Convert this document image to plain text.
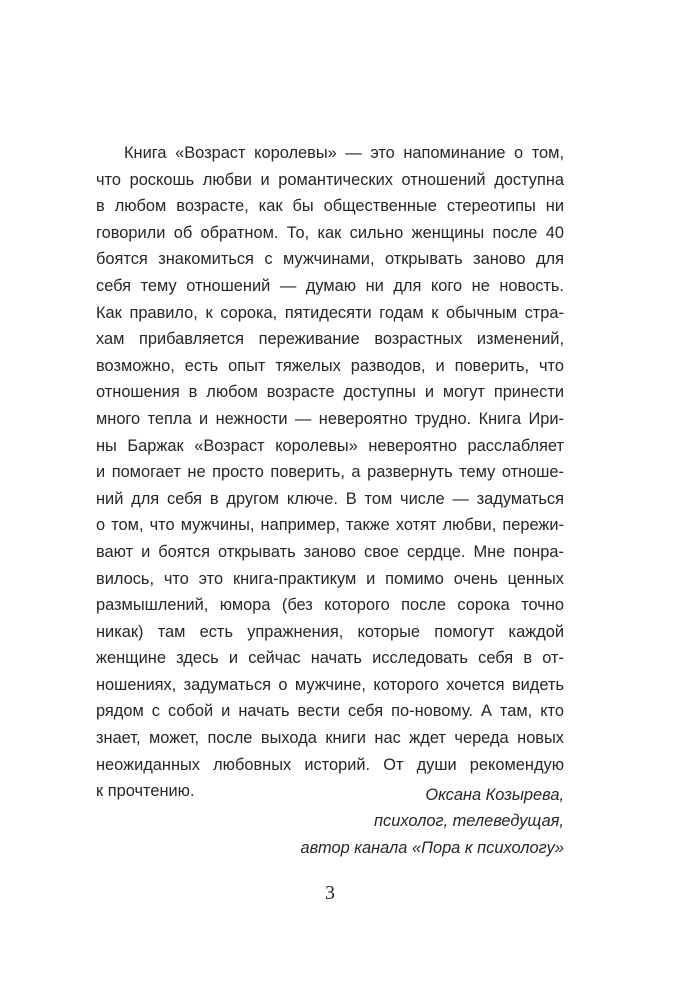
Книга «Возраст королевы» — это напоминание о том,
что роскошь любви и романтических отношений доступна
в любом возрасте, как бы общественные стереотипы ни
говорили об обратном. То, как сильно женщины после 40
боятся знакомиться с мужчинами, открывать заново для
себя тему отношений — думаю ни для кого не новость.
Как правило, к сорока, пятидесяти годам к обычным стра-
хам прибавляется переживание возрастных изменений,
возможно, есть опыт тяжелых разводов, и поверить, что
отношения в любом возрасте доступны и могут принести
много тепла и нежности — невероятно трудно. Книга Ири-
ны Баржак «Возраст королевы» невероятно расслабляет
и помогает не просто поверить, а развернуть тему отноше-
ний для себя в другом ключе. В том числе — задуматься
о том, что мужчины, например, также хотят любви, пережи-
вают и боятся открывать заново свое сердце. Мне понра-
вилось, что это книга-практикум и помимо очень ценных
размышлений, юмора (без которого после сорока точно
никак) там есть упражнения, которые помогут каждой
женщине здесь и сейчас начать исследовать себя в от-
ношениях, задуматься о мужчине, которого хочется видеть
рядом с собой и начать вести себя по-новому. А там, кто
знает, может, после выхода книги нас ждет череда новых
неожиданных любовных историй. От души рекомендую
к прочтению.	Оксана Козырева,
психолог, телеведущая,
автор канала «Пора к психологу»
3
